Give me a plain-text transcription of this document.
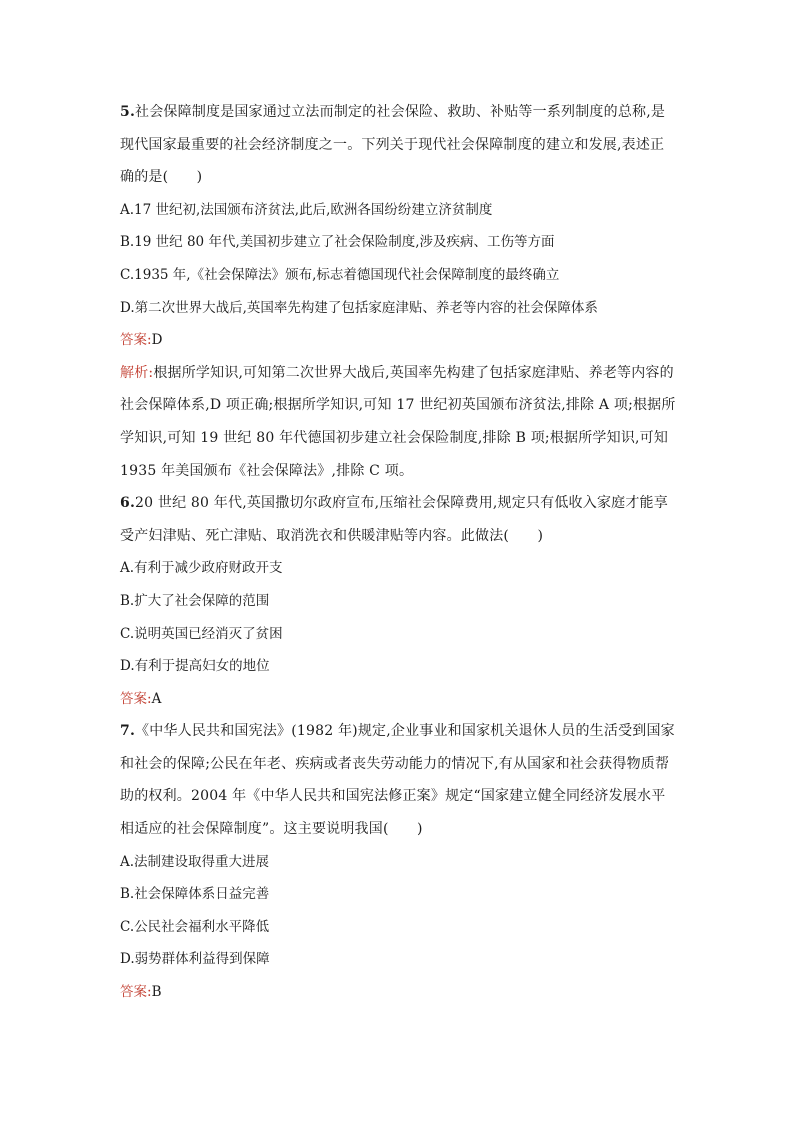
5.社会保障制度是国家通过立法而制定的社会保险、救助、补贴等一系列制度的总称,是现代国家最重要的社会经济制度之一。下列关于现代社会保障制度的建立和发展,表述正确的是(　　)

A.17 世纪初,法国颁布济贫法,此后,欧洲各国纷纷建立济贫制度

B.19 世纪 80 年代,美国初步建立了社会保险制度,涉及疾病、工伤等方面

C.1935 年,《社会保障法》颁布,标志着德国现代社会保障制度的最终确立

D.第二次世界大战后,英国率先构建了包括家庭津贴、养老等内容的社会保障体系

答案:D

解析:根据所学知识,可知第二次世界大战后,英国率先构建了包括家庭津贴、养老等内容的社会保障体系,D 项正确;根据所学知识,可知 17 世纪初英国颁布济贫法,排除 A 项;根据所学知识,可知 19 世纪 80 年代德国初步建立社会保险制度,排除 B 项;根据所学知识,可知 1935 年美国颁布《社会保障法》,排除 C 项。

6.20 世纪 80 年代,英国撒切尔政府宣布,压缩社会保障费用,规定只有低收入家庭才能享受产妇津贴、死亡津贴、取消洗衣和供暖津贴等内容。此做法(　　)

A.有利于减少政府财政开支

B.扩大了社会保障的范围

C.说明英国已经消灭了贫困

D.有利于提高妇女的地位

答案:A

7.《中华人民共和国宪法》(1982 年)规定,企业事业和国家机关退休人员的生活受到国家和社会的保障;公民在年老、疾病或者丧失劳动能力的情况下,有从国家和社会获得物质帮助的权利。2004 年《中华人民共和国宪法修正案》规定“国家建立健全同经济发展水平相适应的社会保障制度”。这主要说明我国(　　)

A.法制建设取得重大进展

B.社会保障体系日益完善

C.公民社会福利水平降低

D.弱势群体利益得到保障

答案:B
